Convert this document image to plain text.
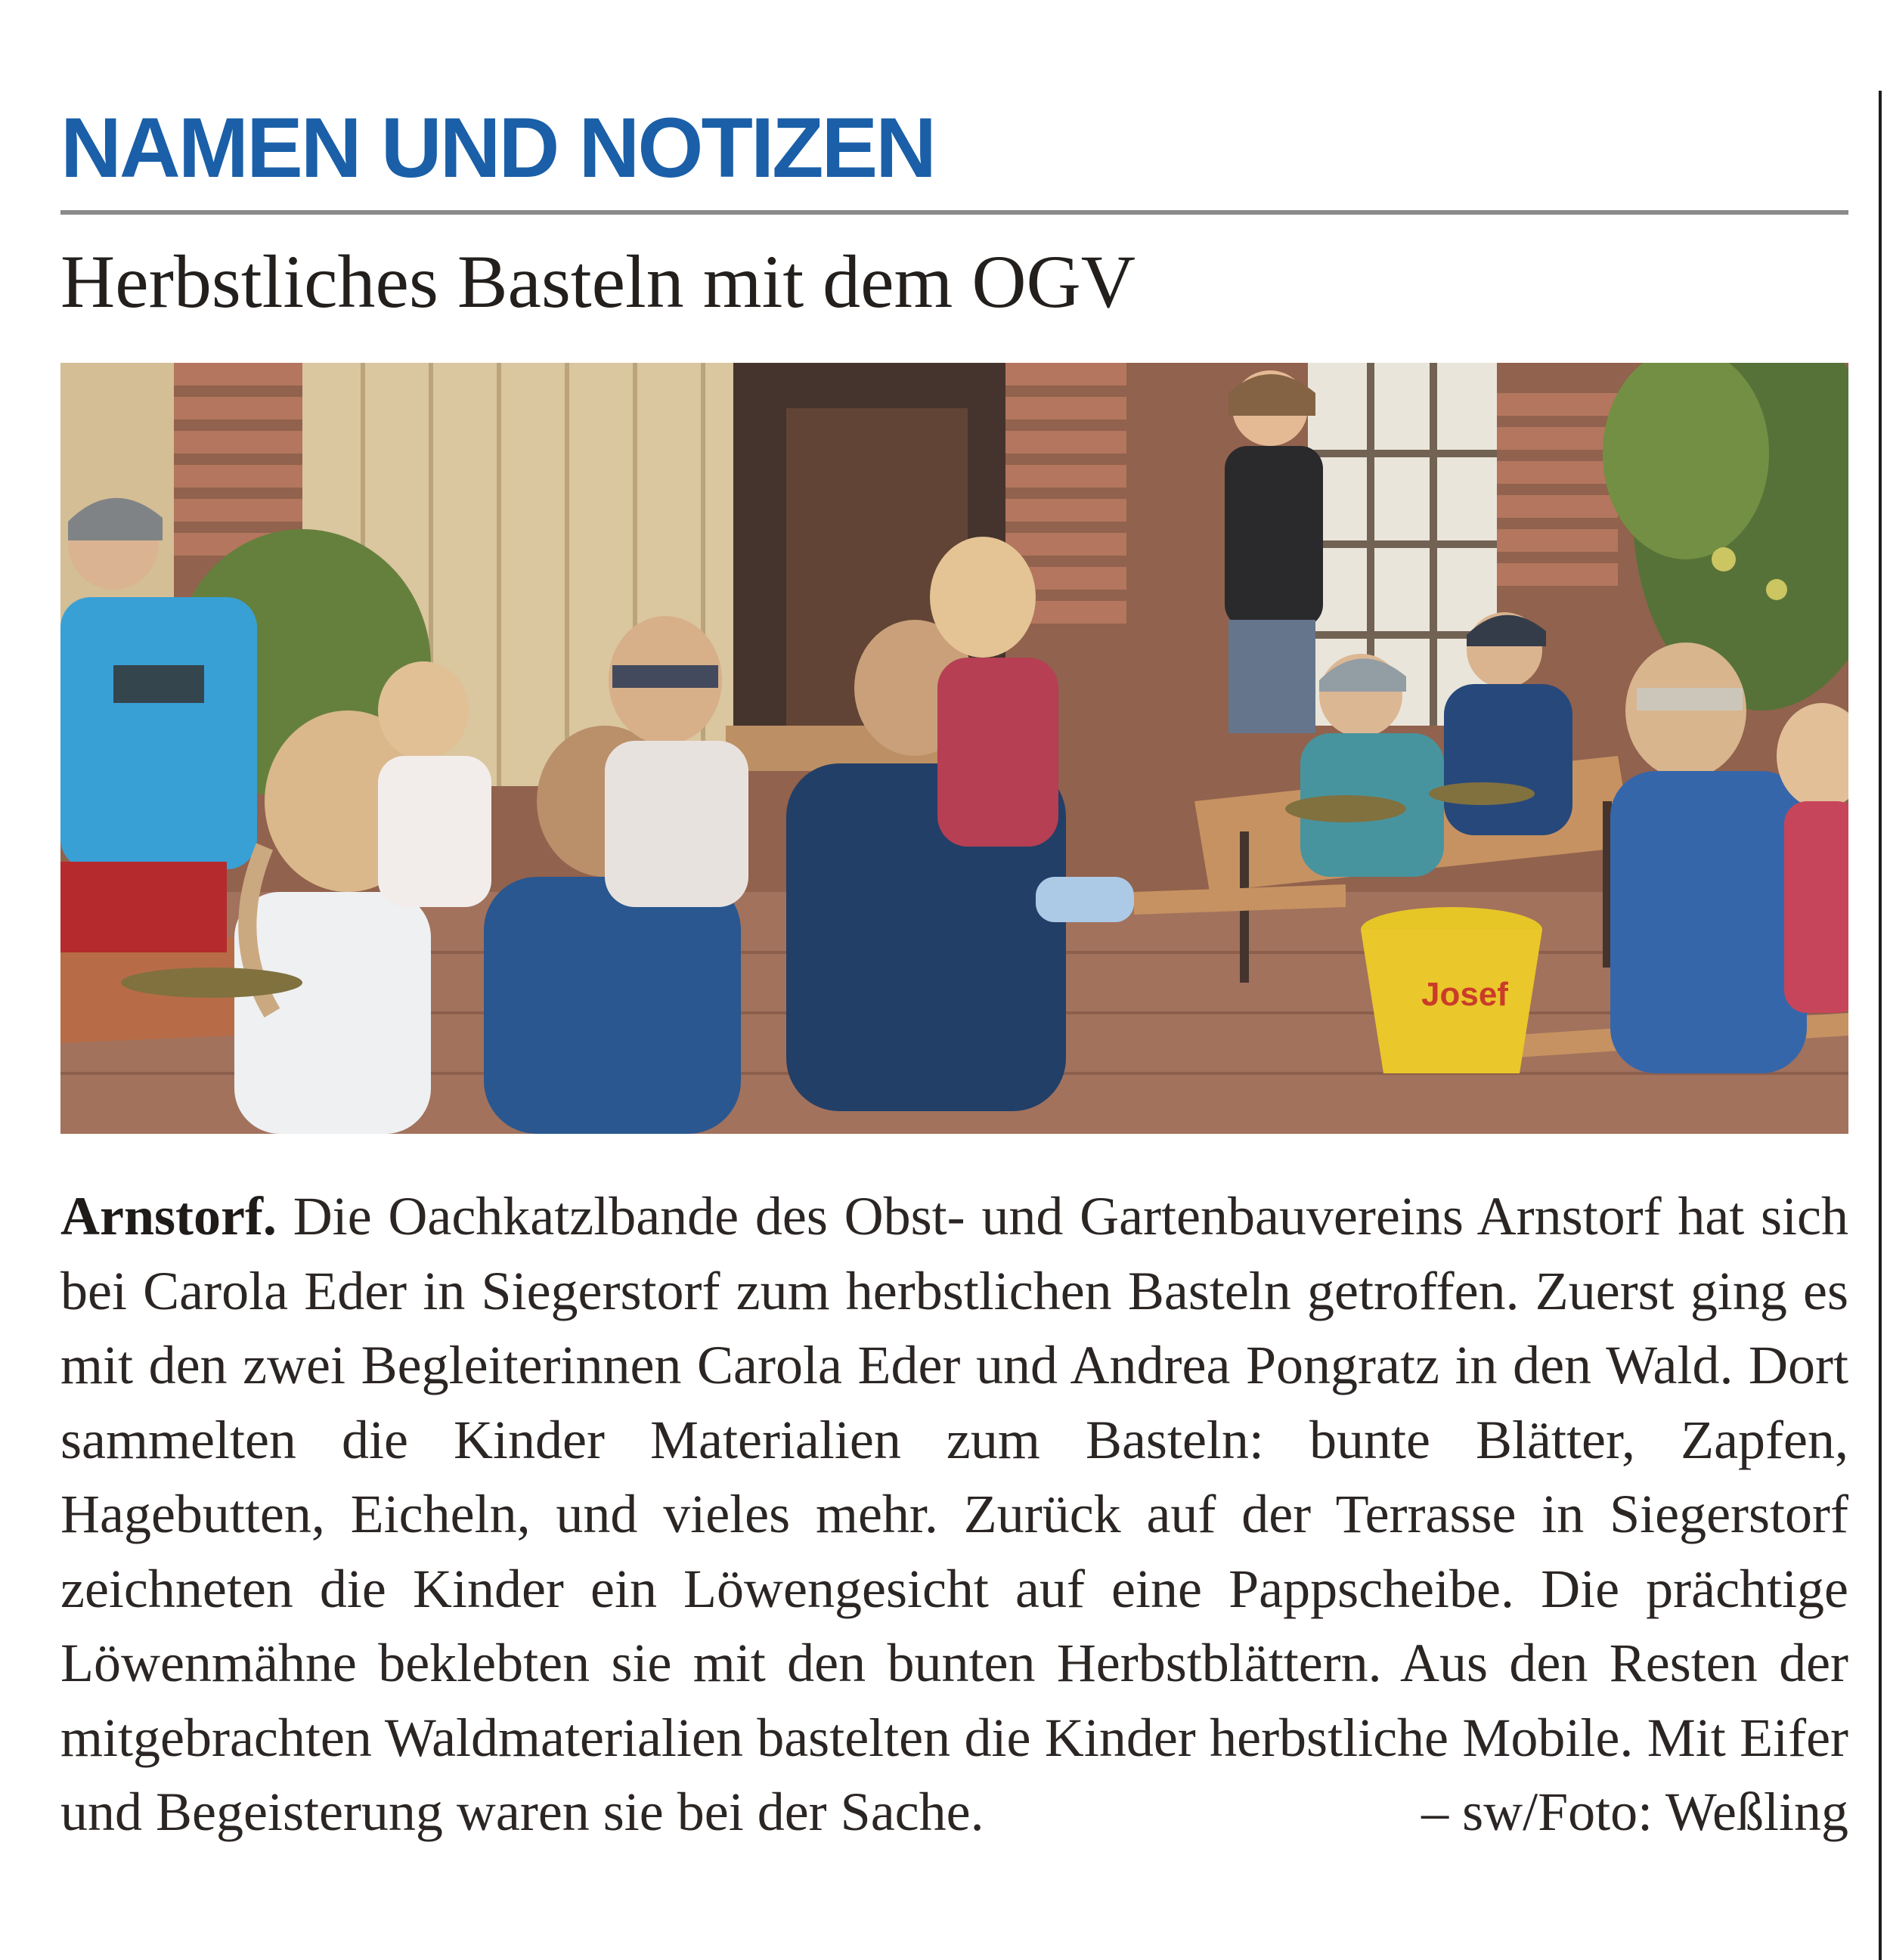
NAMEN UND NOTIZEN
Herbstliches Basteln mit dem OGV
Josef

Arnstorf. Die Oachkatzlbande des Obst- und Gartenbauvereins Arnstorf hat sich bei Carola Eder in Siegerstorf zum herbstlichen Basteln getroffen. Zuerst ging es mit den zwei Begleiterinnen Carola Eder und Andrea Pongratz in den Wald. Dort sammelten die Kinder Materialien zum Basteln: bunte Blätter, Zapfen, Hagebutten, Eicheln, und vieles mehr. Zurück auf der Terrasse in Siegerstorf zeichneten die Kinder ein Löwengesicht auf eine Pappscheibe. Die prächtige Löwenmähne beklebten sie mit den bunten Herbstblättern. Aus den Resten der mitgebrachten Waldmaterialien bastelten die Kinder herbstliche Mobile. Mit Eifer und Begeisterung waren sie bei der Sache.	– sw/Foto: Weßling
